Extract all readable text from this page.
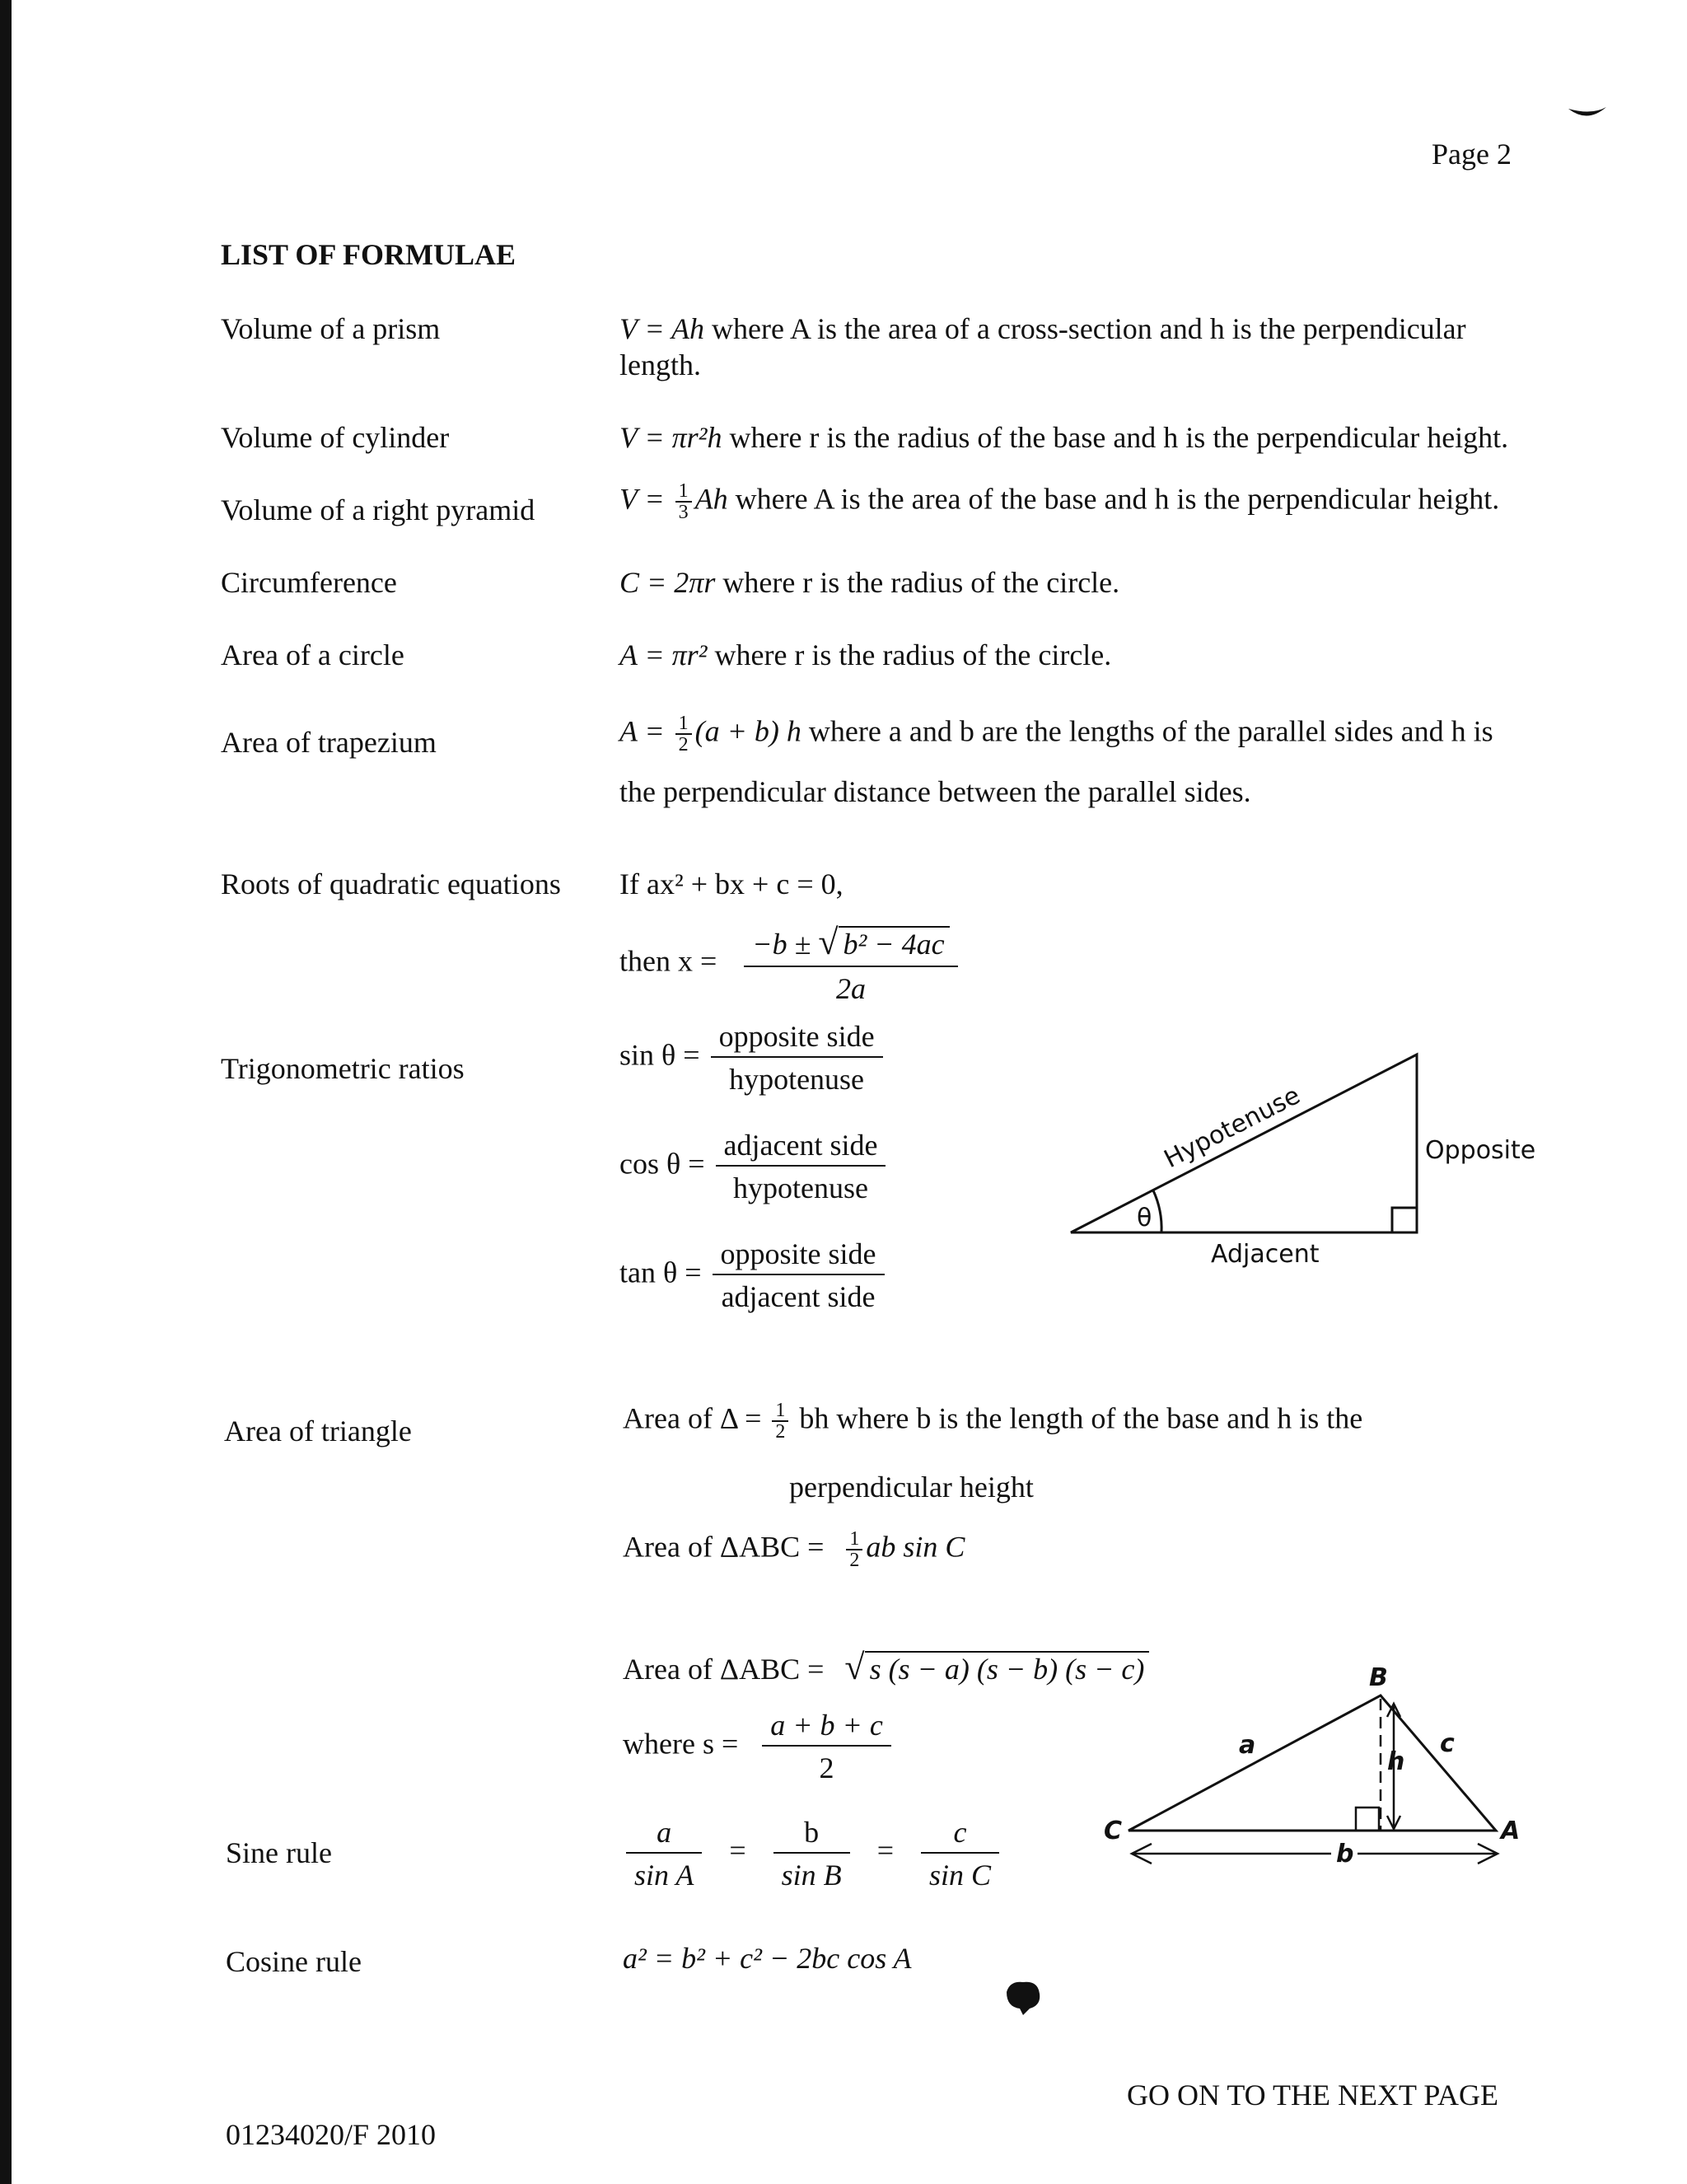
Page 2
LIST OF FORMULAE
Volume of a prism	V = Ah where A is the area of a cross-section and h is the perpendicular
length.
Volume of cylinder	V = πr²h where r is the radius of the base and h is the perpendicular height.
Volume of a right pyramid	$V = \frac{1}{3}$ Ah where A is the area of the base and h is the perpendicular height.
Circumference	C = 2πr where r is the radius of the circle.
Area of a circle	A = πr² where r is the radius of the circle.
Area of trapezium	$A = \frac{1}{2} (a + b)$ h where a and b are the lengths of the parallel sides and h is
the perpendicular distance between the parallel sides.
Roots of quadratic equations If ax² + bx + c = 0,
then $x = \frac{\text{−b ± √ b² − 4ac}}{2a}$
Trigonometric ratios	$\sin \theta = \frac{\text{opposite side}}{\text{hypotenuse}}$
$\cos \theta = \frac{\text{adjacent side}}{\text{hypotenuse}}$
$\tan \theta = \frac{\text{opposite side}}{\text{adjacent side}}$
θ
Hypotenuse	Opposite
Adjacent
Area of triangle	Area of $\Delta = \frac{1}{2}$ bh where b is the length of the base and h is the
perpendicular height
Area of $\Delta ABC = \frac{1}{2}$ ab sin C
Area of ΔABC = √ s (s − a) (s − b) (s − c)
where $s = \frac{a + b + c}{2}$
Sine rule	$\frac{a}{\text{sin A}} = \frac{b}{\text{sin B}} = \frac{c}{\text{sin C}}$
Cosine rule	a² = b² + c² − 2bc cos A
B
C	A
a	c
b
h
GO ON TO THE NEXT PAGE
01234020/F 2010
